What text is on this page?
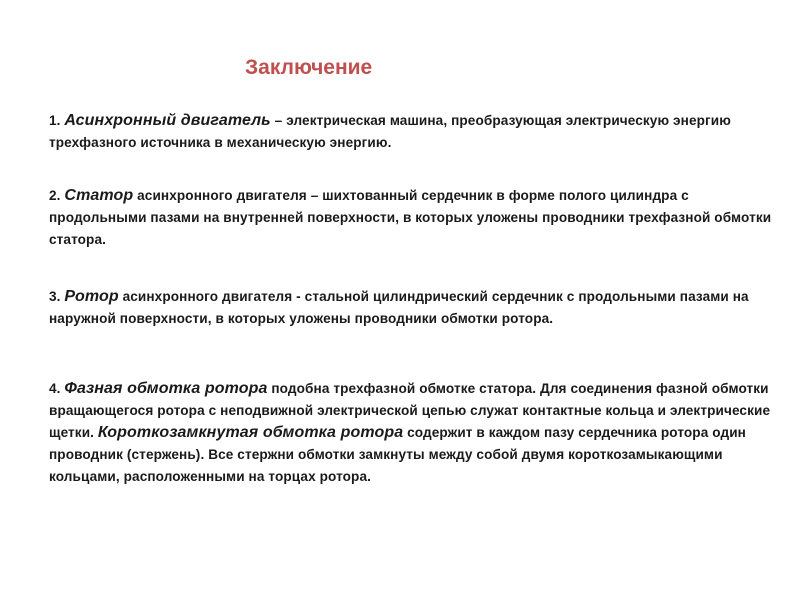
Заключение
1. Асинхронный двигатель – электрическая машина, преобразующая электрическую энергию трехфазного источника в механическую энергию.
2. Статор асинхронного двигателя – шихтованный сердечник в форме полого цилиндра с продольными пазами на внутренней поверхности, в которых уложены проводники трехфазной обмотки статора.
3. Ротор асинхронного двигателя - стальной цилиндрический сердечник с продольными пазами на наружной поверхности, в которых уложены проводники обмотки ротора.
4. Фазная обмотка ротора подобна трехфазной обмотке статора. Для соединения фазной обмотки вращающегося ротора с неподвижной электрической цепью служат контактные кольца и электрические щетки. Короткозамкнутая обмотка ротора содержит в каждом пазу сердечника ротора один проводник (стержень). Все стержни обмотки замкнуты между собой двумя короткозамыкающими кольцами, расположенными на торцах ротора.
